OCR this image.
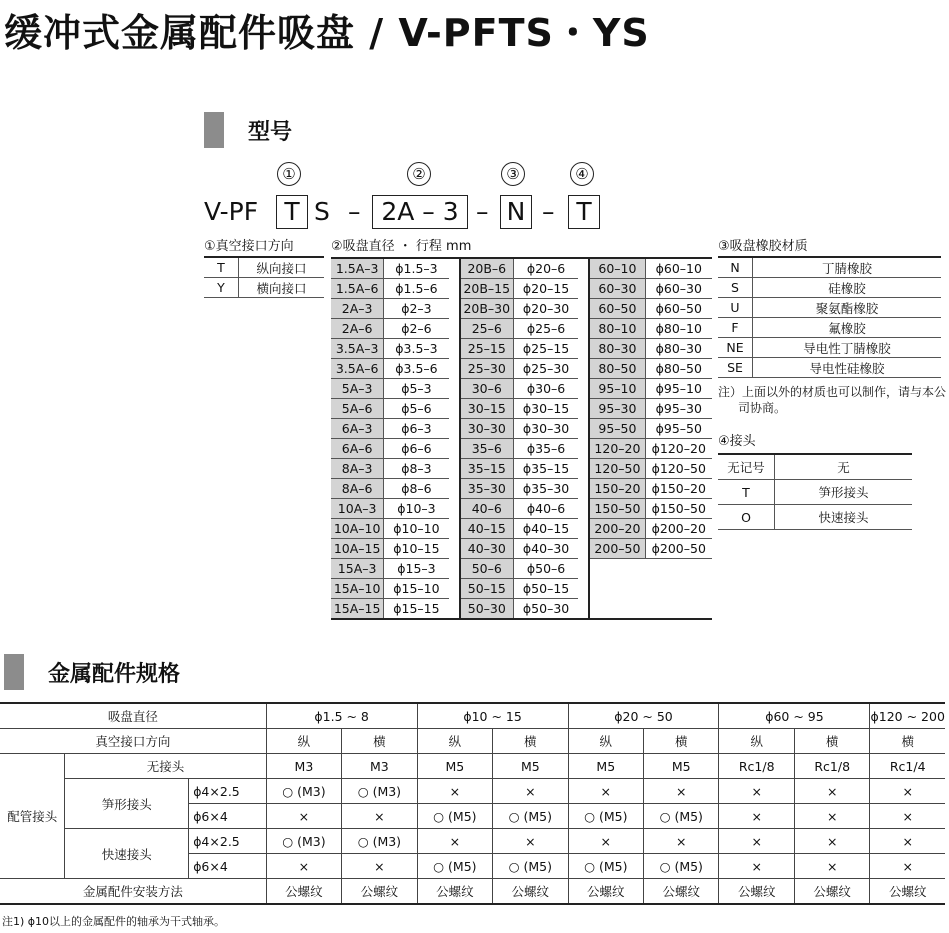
缓冲式金属配件吸盘 / V-PFTS・YS
型号
①	②	③	④
V-PF	T S – 2A – 3 – N – T
①真空接口方向
T	纵向接口
Y	横向接口
②吸盘直径 ・ 行程 mm
1.5A–3	ϕ1.5–3		20B–6	ϕ20–6		60–10	ϕ60–10
1.5A–6	ϕ1.5–6		20B–15	ϕ20–15		60–30	ϕ60–30
2A–3	ϕ2–3		20B–30	ϕ20–30		60–50	ϕ60–50
2A–6	ϕ2–6		25–6	ϕ25–6		80–10	ϕ80–10
3.5A–3	ϕ3.5–3		25–15	ϕ25–15		80–30	ϕ80–30
3.5A–6	ϕ3.5–6		25–30	ϕ25–30		80–50	ϕ80–50
5A–3	ϕ5–3		30–6	ϕ30–6		95–10	ϕ95–10
5A–6	ϕ5–6		30–15	ϕ30–15		95–30	ϕ95–30
6A–3	ϕ6–3		30–30	ϕ30–30		95–50	ϕ95–50
6A–6	ϕ6–6		35–6	ϕ35–6		120–20	ϕ120–20
8A–3	ϕ8–3		35–15	ϕ35–15		120–50	ϕ120–50
8A–6	ϕ8–6		35–30	ϕ35–30		150–20	ϕ150–20
10A–3	ϕ10–3		40–6	ϕ40–6		150–50	ϕ150–50
10A–10	ϕ10–10		40–15	ϕ40–15		200–20	ϕ200–20
10A–15	ϕ10–15		40–30	ϕ40–30		200–50	ϕ200–50
15A–3	ϕ15–3		50–6	ϕ50–6			
15A–10	ϕ15–10		50–15	ϕ50–15			
15A–15	ϕ15–15		50–30	ϕ50–30			
③吸盘橡胶材质
N	丁腈橡胶
S	硅橡胶
U	聚氨酯橡胶
F	氟橡胶
NE	导电性丁腈橡胶
SE	导电性硅橡胶
注）上面以外的材质也可以制作，请与本公
司协商。
④接头
无记号	无
T	笋形接头
O	快速接头
金属配件规格
吸盘直径			ϕ1.5 ~ 8		ϕ10 ~ 15		ϕ20 ~ 50		ϕ60 ~ 95		ϕ120 ~ 200
真空接口方向			纵	横	纵	横	纵	横	纵	横	横
配管接头	无接头		M3	M3	M5	M5	M5	M5	Rc1/8	Rc1/8	Rc1/4
	笋形接头	ϕ4×2.5	○ (M3)	○ (M3)	×	×	×	×	×	×	×
		ϕ6×4	×	×	○ (M5)	○ (M5)	○ (M5)	○ (M5)	×	×	×
	快速接头	ϕ4×2.5	○ (M3)	○ (M3)	×	×	×	×	×	×	×
		ϕ6×4	×	×	○ (M5)	○ (M5)	○ (M5)	○ (M5)	×	×	×
金属配件安装方法			公螺纹	公螺纹	公螺纹	公螺纹	公螺纹	公螺纹	公螺纹	公螺纹	公螺纹
注1) ϕ10以上的金属配件的轴承为干式轴承。
